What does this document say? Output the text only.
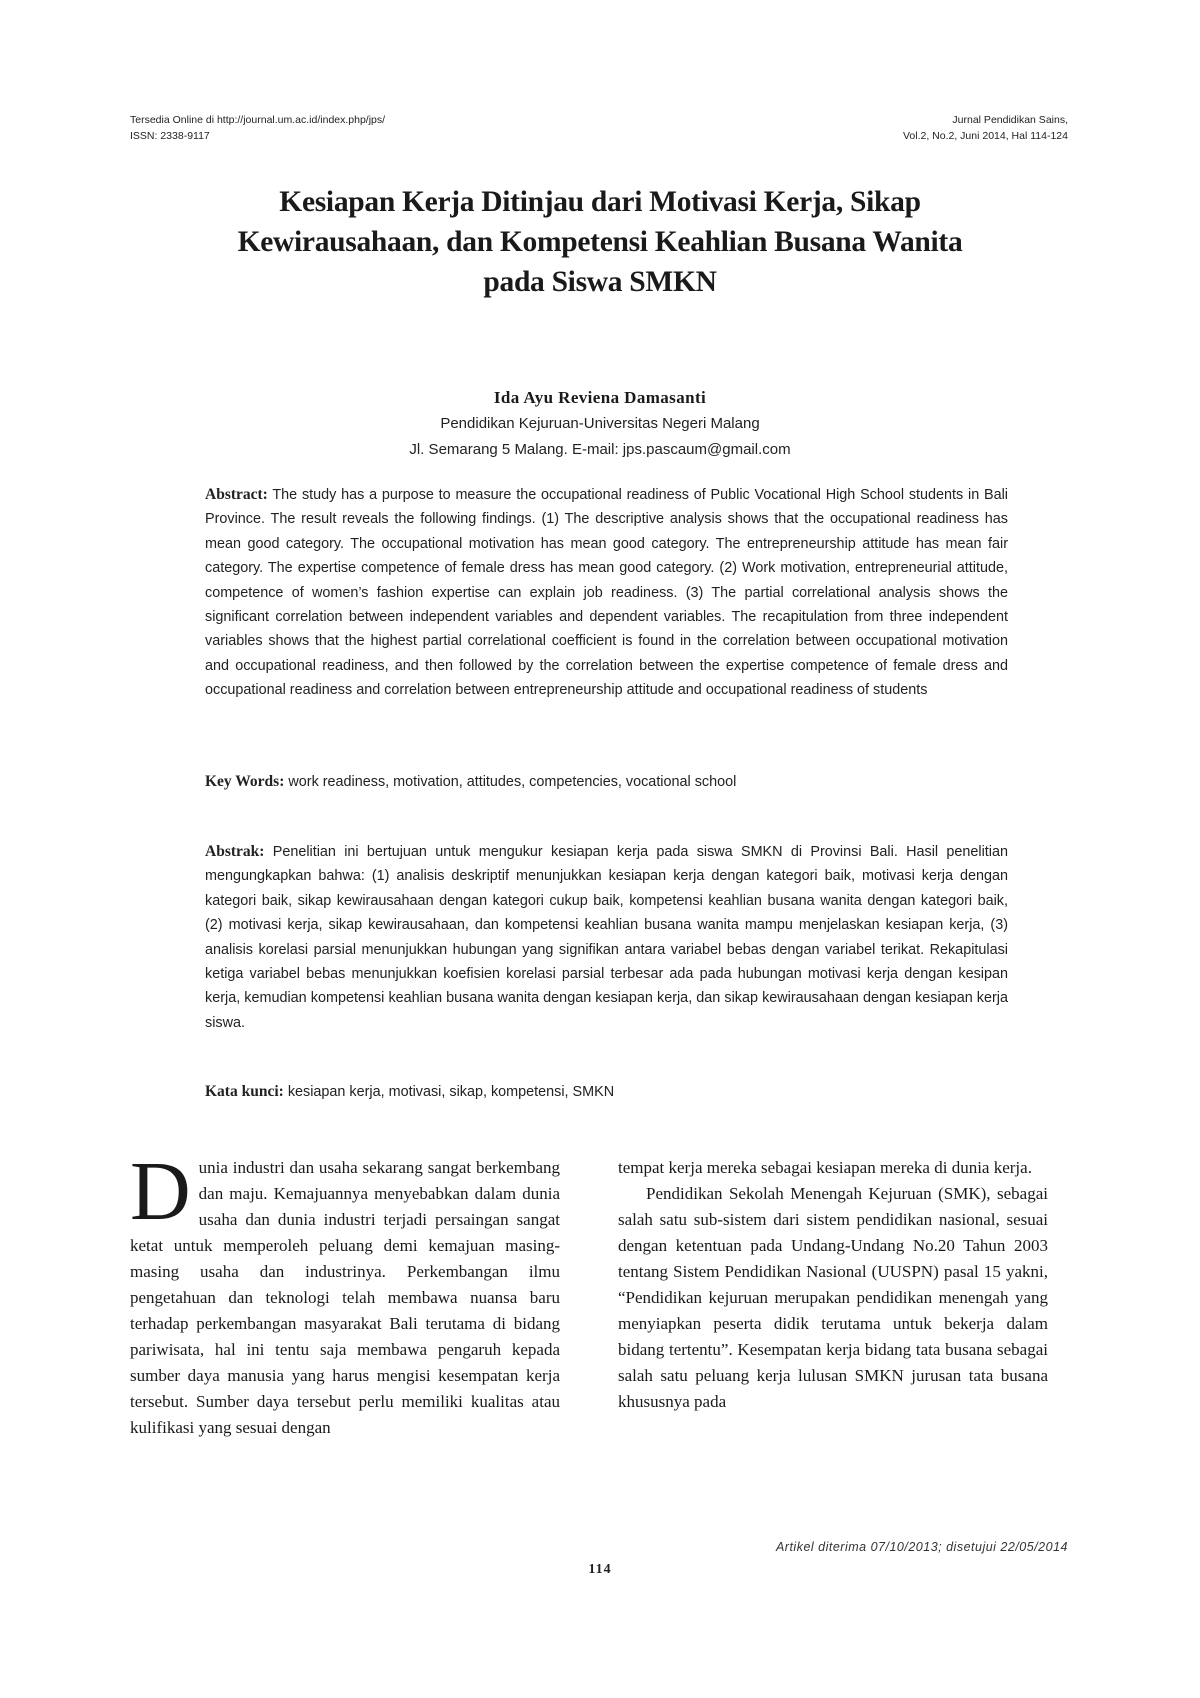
Tersedia Online di http://journal.um.ac.id/index.php/jps/
ISSN: 2338-9117
Jurnal Pendidikan Sains,
Vol.2, No.2, Juni 2014, Hal 114-124
Kesiapan Kerja Ditinjau dari Motivasi Kerja, Sikap
Kewirausahaan, dan Kompetensi Keahlian Busana Wanita
pada Siswa SMKN
Ida Ayu Reviena Damasanti
Pendidikan Kejuruan-Universitas Negeri Malang
Jl. Semarang 5 Malang. E-mail: jps.pascaum@gmail.com
Abstract: The study has a purpose to measure the occupational readiness of Public Vocational High School students in Bali Province. The result reveals the following findings. (1) The descriptive analysis shows that the occupational readiness has mean good category. The occupational motivation has mean good category. The entrepreneurship attitude has mean fair category. The expertise competence of female dress has mean good category. (2) Work motivation, entrepreneurial attitude, competence of women’s fashion expertise can explain job readiness. (3) The partial correlational analysis shows the significant correlation between independent variables and dependent variables. The recapitulation from three independent variables shows that the highest partial correlational coefficient is found in the correlation between occupational motivation and occupational readiness, and then followed by the correlation between the expertise competence of female dress and occupational readiness and correlation between entrepreneurship attitude and occupational readiness of students
Key Words: work readiness, motivation, attitudes, competencies, vocational school
Abstrak: Penelitian ini bertujuan untuk mengukur kesiapan kerja pada siswa SMKN di Provinsi Bali. Hasil penelitian mengungkapkan bahwa: (1) analisis deskriptif menunjukkan kesiapan kerja dengan kategori baik, motivasi kerja dengan kategori baik, sikap kewirausahaan dengan kategori cukup baik, kompetensi keahlian busana wanita dengan kategori baik, (2) motivasi kerja, sikap kewirausahaan, dan kompetensi keahlian busana wanita mampu menjelaskan kesiapan kerja, (3) analisis korelasi parsial menunjukkan hubungan yang signifikan antara variabel bebas dengan variabel terikat. Rekapitulasi ketiga variabel bebas menunjukkan koefisien korelasi parsial terbesar ada pada hubungan motivasi kerja dengan kesipan kerja, kemudian kompetensi keahlian busana wanita dengan kesiapan kerja, dan sikap kewirausahaan dengan kesiapan kerja siswa.
Kata kunci: kesiapan kerja, motivasi, sikap, kompetensi, SMKN

D unia industri dan usaha sekarang sangat berkembang dan maju. Kemajuannya menyebabkan dalam dunia usaha dan dunia industri terjadi persaingan sangat ketat untuk memperoleh peluang demi kemajuan masing-masing usaha dan industrinya. Perkembangan ilmu pengetahuan dan teknologi telah membawa nuansa baru terhadap perkembangan masyarakat Bali terutama di bidang pariwisata, hal ini tentu saja membawa pengaruh kepada sumber daya manusia yang harus mengisi kesempatan kerja tersebut. Sumber daya tersebut perlu memiliki kualitas atau kulifikasi yang sesuai dengan

tempat kerja mereka sebagai kesiapan mereka di dunia kerja.

Pendidikan Sekolah Menengah Kejuruan (SMK), sebagai salah satu sub-sistem dari sistem pendidikan nasional, sesuai dengan ketentuan pada Undang-Undang No.20 Tahun 2003 tentang Sistem Pendidikan Nasional (UUSPN) pasal 15 yakni, “Pendidikan kejuruan merupakan pendidikan menengah yang menyiapkan peserta didik terutama untuk bekerja dalam bidang tertentu”. Kesempatan kerja bidang tata busana sebagai salah satu peluang kerja lulusan SMKN jurusan tata busana khususnya pada

Artikel diterima 07/10/2013; disetujui 22/05/2014
114
